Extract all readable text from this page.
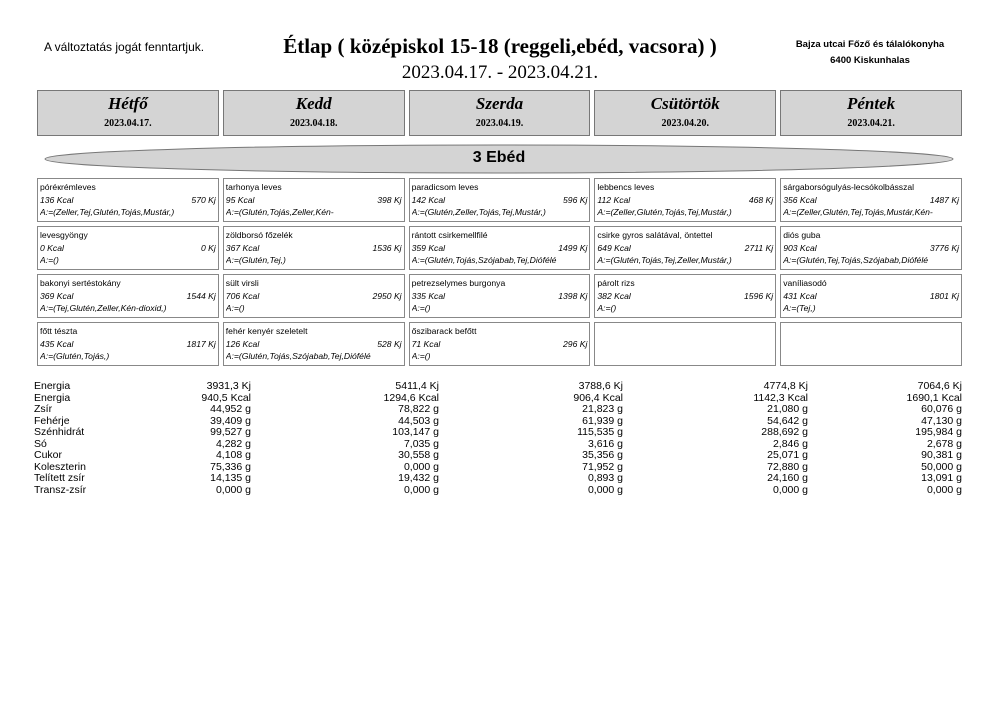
A változtatás jogát fenntartjuk.	Étlap ( középiskol 15-18 (reggeli,ebéd, vacsora) )
2023.04.17. - 2023.04.21.
Bajza utcai Főző és tálalókonyha
6400 Kiskunhalas
Hétfő
2023.04.17.
Kedd
2023.04.18.
Szerda
2023.04.19.
Csütörtök
2023.04.20.
Péntek
2023.04.21.
3 Ebéd
póréкrémleves
136 Kcal	570 Kj
A:=(Zeller,Tej,Glutén,Tojás,Mustár,)
tarhonya leves
95 Kcal	398 Kj
A:=(Glutén,Tojás,Zeller,Kén-
paradicsom leves
142 Kcal	596 Kj
A:=(Glutén,Zeller,Tojás,Tej,Mustár,)
lebbencs leves
112 Kcal	468 Kj
A:=(Zeller,Glutén,Tojás,Tej,Mustár,)
sárgaborsógulyás-lecsókolbásszal
356 Kcal	1487 Kj
A:=(Zeller,Glutén,Tej,Tojás,Mustár,Kén-
levesgyöngy
0 Kcal	0 Kj
A:=()
zöldborsó főzelék
367 Kcal	1536 Kj
A:=(Glutén,Tej,)
rántott csirkemellfilé
359 Kcal	1499 Kj
A:=(Glutén,Tojás,Szójabab,Tej,Diófélé
csirke gyros salátával, öntettel
649 Kcal	2711 Kj
A:=(Glutén,Tojás,Tej,Zeller,Mustár,)
diós guba
903 Kcal	3776 Kj
A:=(Glutén,Tej,Tojás,Szójabab,Diófélé
bakonyi sertéstokány
369 Kcal	1544 Kj
A:=(Tej,Glutén,Zeller,Kén-dioxid,)
sült virsli
706 Kcal	2950 Kj
A:=()
petrezselymes burgonya
335 Kcal	1398 Kj
A:=()
párolt rizs
382 Kcal	1596 Kj
A:=()
vaníliasodó
431 Kcal	1801 Kj
A:=(Tej,)
főtt tészta
435 Kcal	1817 Kj
A:=(Glutén,Tojás,)
fehér kenyér szeletelt
126 Kcal	528 Kj
A:=(Glutén,Tojás,Szójabab,Tej,Diófélé
őszibarack befőtt
71 Kcal	296 Kj
A:=()
Energia	3931,3 Kj	5411,4 Kj	3788,6 Kj	4774,8 Kj	7064,6 Kj
Energia	940,5 Kcal	1294,6 Kcal	906,4 Kcal	1142,3 Kcal	1690,1 Kcal
Zsír	44,952 g	78,822 g	21,823 g	21,080 g	60,076 g
Fehérje	39,409 g	44,503 g	61,939 g	54,642 g	47,130 g
Szénhidrát	99,527 g	103,147 g	115,535 g	288,692 g	195,984 g
Só	4,282 g	7,035 g	3,616 g	2,846 g	2,678 g
Cukor	4,108 g	30,558 g	35,356 g	25,071 g	90,381 g
Koleszterin	75,336 g	0,000 g	71,952 g	72,880 g	50,000 g
Telített zsír	14,135 g	19,432 g	0,893 g	24,160 g	13,091 g
Transz-zsír	0,000 g	0,000 g	0,000 g	0,000 g	0,000 g
